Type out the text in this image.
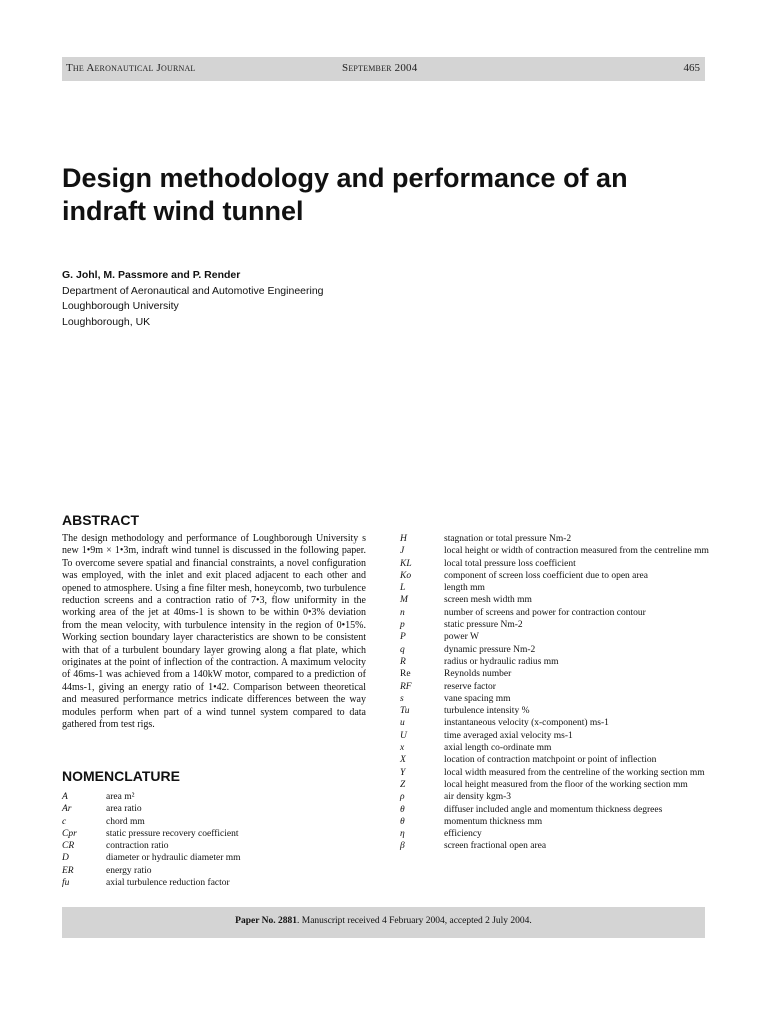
The Aeronautical Journal	September 2004	465
Design methodology and performance of an indraft wind tunnel
G. Johl, M. Passmore and P. Render
Department of Aeronautical and Automotive Engineering
Loughborough University
Loughborough, UK
ABSTRACT

The design methodology and performance of Loughborough University s new 1•9m × 1•3m, indraft wind tunnel is discussed in the following paper. To overcome severe spatial and financial constraints, a novel configuration was employed, with the inlet and exit placed adjacent to each other and opened to atmosphere. Using a fine filter mesh, honeycomb, two turbulence reduction screens and a contraction ratio of 7•3, flow uniformity in the working area of the jet at 40ms-1 is shown to be within 0•3% deviation from the mean velocity, with turbulence intensity in the region of 0•15%. Working section boundary layer characteristics are shown to be consistent with that of a turbulent boundary layer growing along a flat plate, which originates at the point of inflection of the contraction. A maximum velocity of 46ms-1 was achieved from a 140kW motor, compared to a prediction of 44ms-1, giving an energy ratio of 1•42. Comparison between theoretical and measured performance metrics indicate differences between the way modules perform when part of a wind tunnel system compared to data gathered from test rigs.

NOMENCLATURE
A	area m²
Ar	area ratio
c	chord mm
Cpr	static pressure recovery coefficient
CR	contraction ratio
D	diameter or hydraulic diameter mm
ER	energy ratio
fu	axial turbulence reduction factor
H	stagnation or total pressure Nm-2
J	local height or width of contraction measured from the centreline mm
KL	local total pressure loss coefficient
Ko	component of screen loss coefficient due to open area
L	length mm
M	screen mesh width mm
n	number of screens and power for contraction contour
p	static pressure Nm-2
P	power W
q	dynamic pressure Nm-2
R	radius or hydraulic radius mm
Re	Reynolds number
RF	reserve factor
s	vane spacing mm
Tu	turbulence intensity %
u	instantaneous velocity (x-component) ms-1
U	time averaged axial velocity ms-1
x	axial length co-ordinate mm
X	location of contraction matchpoint or point of inflection
Y	local width measured from the centreline of the working section mm
Z	local height measured from the floor of the working section mm
ρ	air density kgm-3
θ	diffuser included angle and momentum thickness degrees
θ	momentum thickness mm
η	efficiency
β	screen fractional open area

Paper No. 2881. Manuscript received 4 February 2004, accepted 2 July 2004.
